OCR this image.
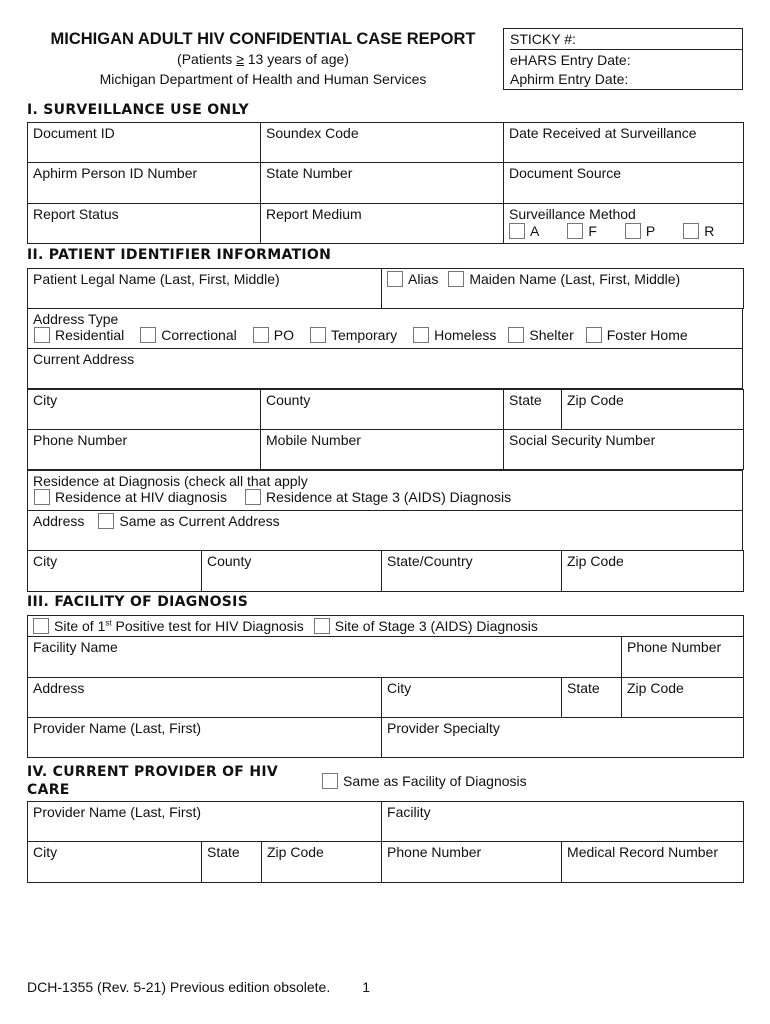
MICHIGAN ADULT HIV CONFIDENTIAL CASE REPORT
(Patients ≥ 13 years of age)
Michigan Department of Health and Human Services
STICKY #:
eHARS Entry Date:
Aphirm Entry Date:
I. SURVEILLANCE USE ONLY
Document ID	Soundex Code	Date Received at Surveillance
Aphirm Person ID Number	State Number	Document Source
Report Status	Report Medium	Surveillance Method
A F P R
II. PATIENT IDENTIFIER INFORMATION
Patient Legal Name (Last, First, Middle)	Alias Maiden Name (Last, First, Middle)
Address Type
Residential	Correctional	PO	Temporary	Homeless Shelter Foster Home

Current Address
City	County	State	Zip Code
Phone Number	Mobile Number	Social Security Number	
Residence at Diagnosis (check all that apply
Residence at HIV diagnosis	Residence at Stage 3 (AIDS) Diagnosis

Address	Same as Current Address
City	County	State/Country	Zip Code
III. FACILITY OF DIAGNOSIS
Site of 1st Positive test for HIV Diagnosis Site of Stage 3 (AIDS) Diagnosis			
Facility Name			Phone Number
Address	City	State	Zip Code
Provider Name (Last, First)	Provider Specialty		
IV. CURRENT PROVIDER OF HIV
CARE
Same as Facility of Diagnosis
Provider Name (Last, First)			Facility	
City	State	Zip Code	Phone Number	Medical Record Number
DCH-1355 (Rev. 5-21) Previous edition obsolete. 1
